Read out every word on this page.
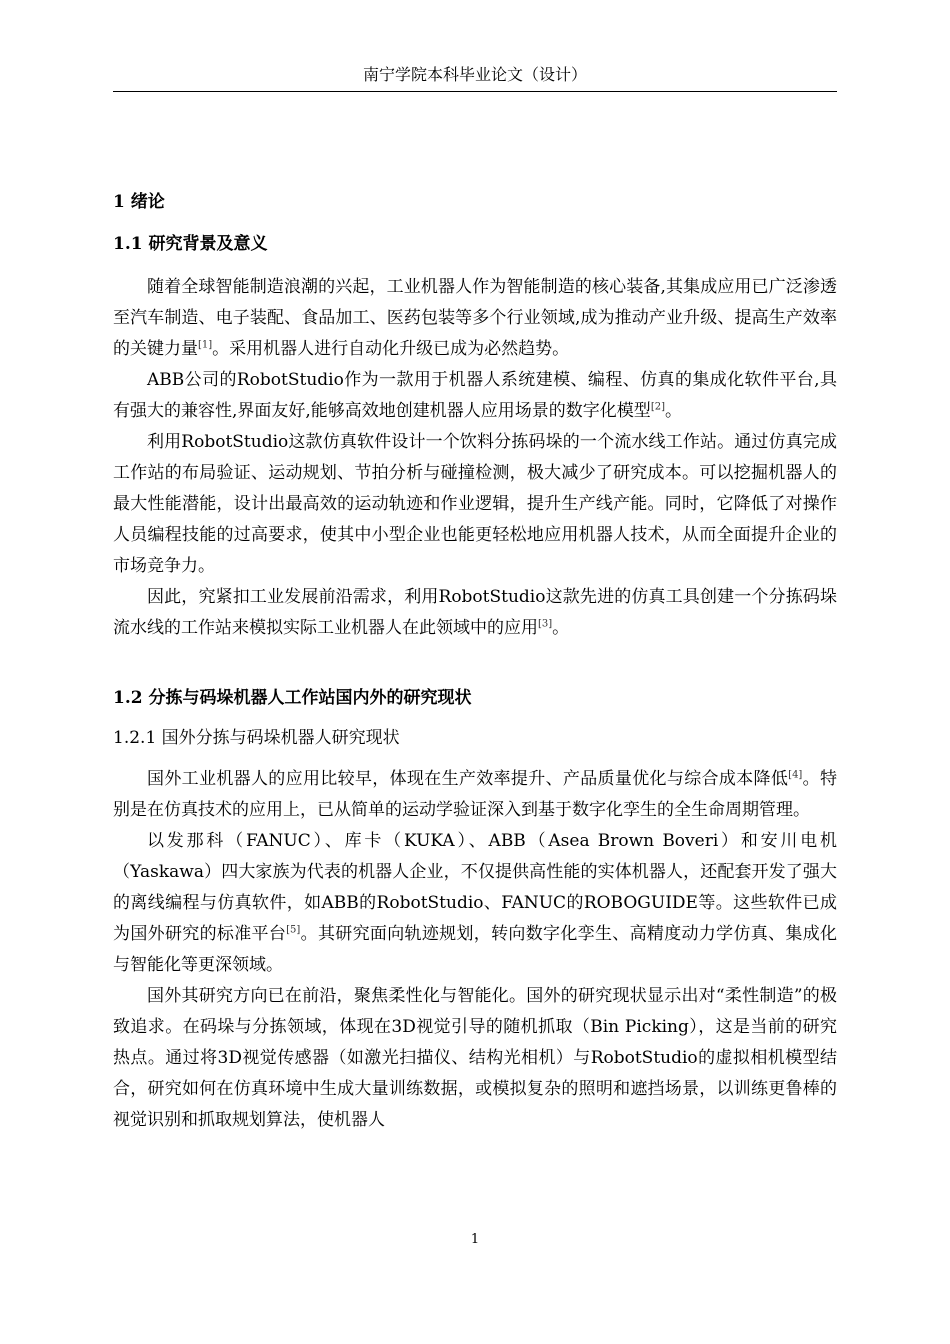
南宁学院本科毕业论文（设计）
1 绪论
1.1 研究背景及意义

随着全球智能制造浪潮的兴起，工业机器人作为智能制造的核心装备,其集成应用已广泛渗透至汽车制造、电子装配、食品加工、医药包装等多个行业领域,成为推动产业升级、提高生产效率的关键力量[1]。采用机器人进行自动化升级已成为必然趋势。

ABB公司的RobotStudio作为一款用于机器人系统建模、编程、仿真的集成化软件平台,具有强大的兼容性,界面友好,能够高效地创建机器人应用场景的数字化模型[2]。

利用RobotStudio这款仿真软件设计一个饮料分拣码垛的一个流水线工作站。通过仿真完成工作站的布局验证、运动规划、节拍分析与碰撞检测，极大减少了研究成本。可以挖掘机器人的最大性能潜能，设计出最高效的运动轨迹和作业逻辑，提升生产线产能。同时，它降低了对操作人员编程技能的过高要求，使其中小型企业也能更轻松地应用机器人技术，从而全面提升企业的市场竞争力。

因此，究紧扣工业发展前沿需求，利用RobotStudio这款先进的仿真工具创建一个分拣码垛流水线的工作站来模拟实际工业机器人在此领域中的应用[3]。

1.2 分拣与码垛机器人工作站国内外的研究现状
1.2.1 国外分拣与码垛机器人研究现状

国外工业机器人的应用比较早，体现在生产效率提升、产品质量优化与综合成本降低[4]。特别是在仿真技术的应用上，已从简单的运动学验证深入到基于数字化孪生的全生命周期管理。

以发那科（FANUC）、库卡（KUKA）、ABB（Asea Brown Boveri）和安川电机（Yaskawa）四大家族为代表的机器人企业，不仅提供高性能的实体机器人，还配套开发了强大的离线编程与仿真软件，如ABB的RobotStudio、FANUC的ROBOGUIDE等。这些软件已成为国外研究的标准平台[5]。其研究面向轨迹规划，转向数字化孪生、高精度动力学仿真、集成化与智能化等更深领域。

国外其研究方向已在前沿，聚焦柔性化与智能化。国外的研究现状显示出对“柔性制造”的极致追求。在码垛与分拣领域，体现在3D视觉引导的随机抓取（Bin Picking），这是当前的研究热点。通过将3D视觉传感器（如激光扫描仪、结构光相机）与RobotStudio的虚拟相机模型结合，研究如何在仿真环境中生成大量训练数据，或模拟复杂的照明和遮挡场景，以训练更鲁棒的视觉识别和抓取规划算法，使机器人

1
